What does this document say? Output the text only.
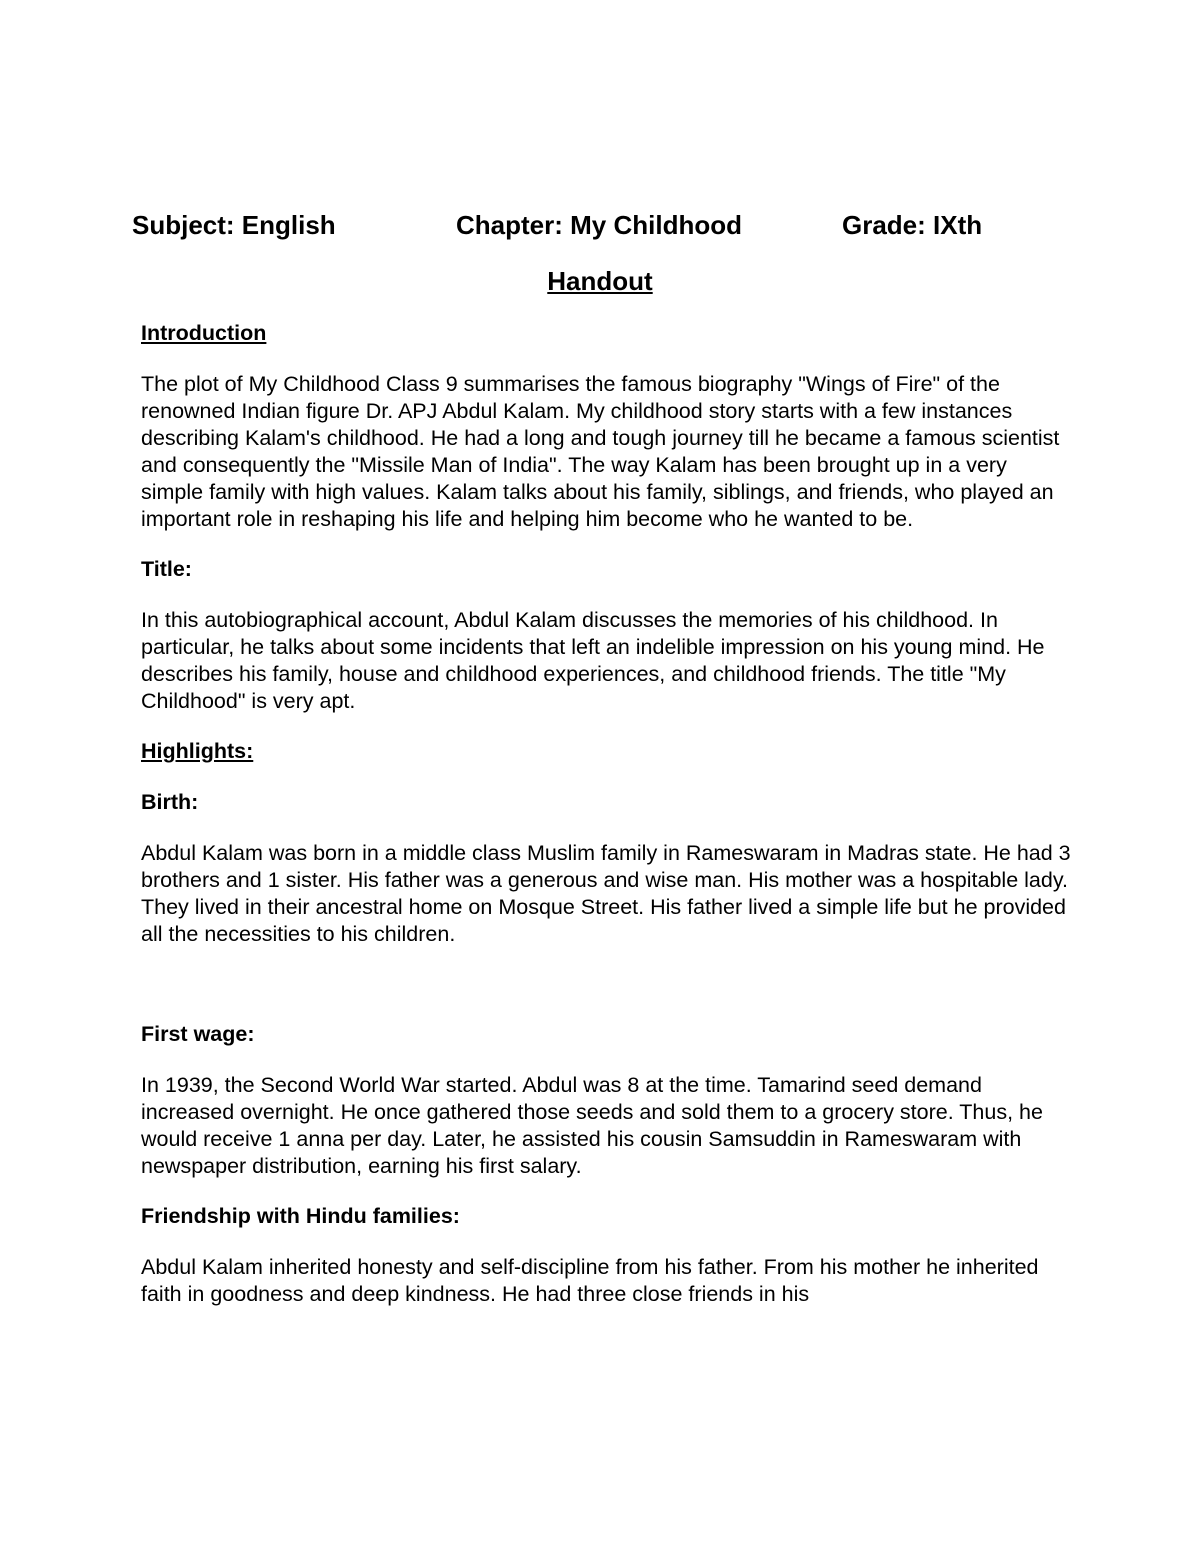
Subject: English	Chapter: My Childhood	Grade: IXth
Handout
Introduction
The plot of My Childhood Class 9 summarises the famous biography "Wings of Fire" of the renowned Indian figure Dr. APJ Abdul Kalam. My childhood story starts with a few instances describing Kalam's childhood. He had a long and tough journey till he became a famous scientist and consequently the "Missile Man of India". The way Kalam has been brought up in a very simple family with high values. Kalam talks about his family, siblings, and friends, who played an important role in reshaping his life and helping him become who he wanted to be.
Title:
In this autobiographical account, Abdul Kalam discusses the memories of his childhood. In particular, he talks about some incidents that left an indelible impression on his young mind. He describes his family, house and childhood experiences, and childhood friends. The title "My Childhood" is very apt.
Highlights:
Birth:
Abdul Kalam was born in a middle class Muslim family in Rameswaram in Madras state. He had 3 brothers and 1 sister. His father was a generous and wise man. His mother was a hospitable lady. They lived in their ancestral home on Mosque Street. His father lived a simple life but he provided all the necessities to his children.
First wage:
In 1939, the Second World War started. Abdul was 8 at the time. Tamarind seed demand increased overnight. He once gathered those seeds and sold them to a grocery store. Thus, he would receive 1 anna per day. Later, he assisted his cousin Samsuddin in Rameswaram with newspaper distribution, earning his first salary.
Friendship with Hindu families:
Abdul Kalam inherited honesty and self-discipline from his father. From his mother he inherited faith in goodness and deep kindness. He had three close friends in his
